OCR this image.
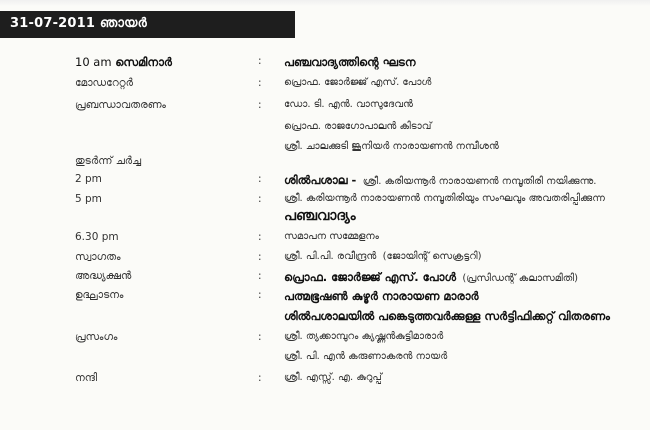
31-07-2011 ഞായർ
10 am സെമിനാർ	: പഞ്ചവാദ്യത്തിന്റെ ഘടന
മോഡറേറ്റർ	: പ്രൊഫ. ജോർജ്ജ് എസ്. പോൾ
പ്രബന്ധാവതരണം	: ഡോ. ടി. എൻ. വാസുദേവൻ
പ്രൊഫ. രാജഗോപാലൻ കിടാവ്
ശ്രീ. ചാലക്കുടി ജൂനിയർ നാരായണൻ നമ്പീശൻ
തുടർന്ന് ചർച്ച
2 pm	: ശിൽപശാല - ശ്രീ. കരിയന്നൂർ നാരായണൻ നമ്പൂതിരി നയിക്കുന്നു.
5 pm	: ശ്രീ. കരിയന്നൂർ നാരായണൻ നമ്പൂതിരിയും സംഘവും അവതരിപ്പിക്കുന്ന
പഞ്ചവാദ്യം
6.30 pm	: സമാപന സമ്മേളനം
സ്വാഗതം	: ശ്രീ. പി.പി. രവീന്ദ്രൻ (ജോയിന്റ് സെക്രട്ടറി)
അദ്ധ്യക്ഷൻ	: പ്രൊഫ. ജോർജ്ജ് എസ്. പോൾ (പ്രസിഡന്റ് കലാസമിതി)
ഉദ്ഘാടനം	: പത്മഭൂഷൺ കുഴൂർ നാരായണ മാരാർ
ശിൽപശാലയിൽ പങ്കെടുത്തവർക്കുള്ള സർട്ടിഫിക്കറ്റ് വിതരണം
പ്രസംഗം	: ശ്രീ. ത്യക്കാമ്പുറം ക്യഷ്ണൻകുട്ടിമാരാർ
ശ്രീ. പി. എൻ കരുണാകരൻ നായർ
നന്ദി	: ശ്രീ. എസ്സ്. എ. കുറുപ്പ്
